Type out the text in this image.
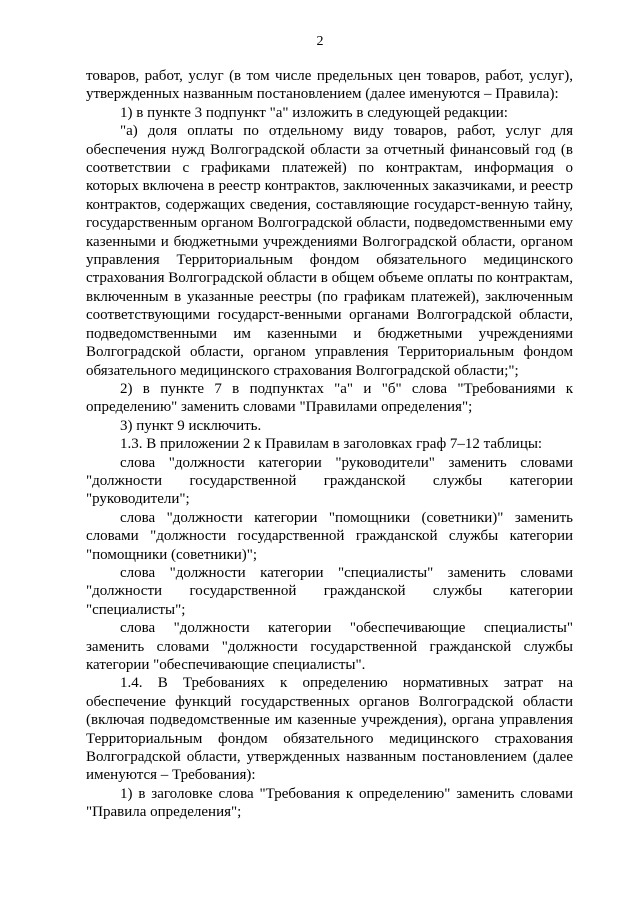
2

товаров, работ, услуг (в том числе предельных цен товаров, работ, услуг), утвержденных названным постановлением (далее именуются – Правила):

1) в пункте 3 подпункт "а" изложить в следующей редакции:

"а) доля оплаты по отдельному виду товаров, работ, услуг для обеспечения нужд Волгоградской области за отчетный финансовый год (в соответствии с графиками платежей) по контрактам, информация о которых включена в реестр контрактов, заключенных заказчиками, и реестр контрактов, содержащих сведения, составляющие государст-венную тайну, государственным органом Волгоградской области, подведомственными ему казенными и бюджетными учреждениями Волгоградской области, органом управления Территориальным фондом обязательного медицинского страхования Волгоградской области в общем объеме оплаты по контрактам, включенным в указанные реестры (по графикам платежей), заключенным соответствующими государст-венными органами Волгоградской области, подведомственными им казенными и бюджетными учреждениями Волгоградской области, органом управления Территориальным фондом обязательного медицинского страхования Волгоградской области;";

2) в пункте 7 в подпунктах "а" и "б" слова "Требованиями к определению" заменить словами "Правилами определения";

3) пункт 9 исключить.

1.3. В приложении 2 к Правилам в заголовках граф 7–12 таблицы:

слова "должности категории "руководители" заменить словами "должности государственной гражданской службы категории "руководители";

слова "должности категории "помощники (советники)" заменить словами "должности государственной гражданской службы категории "помощники (советники)";

слова "должности категории "специалисты" заменить словами "должности государственной гражданской службы категории "специалисты";

слова "должности категории "обеспечивающие специалисты" заменить словами "должности государственной гражданской службы категории "обеспечивающие специалисты".

1.4. В Требованиях к определению нормативных затрат на обеспечение функций государственных органов Волгоградской области (включая подведомственные им казенные учреждения), органа управления Территориальным фондом обязательного медицинского страхования Волгоградской области, утвержденных названным постановлением (далее именуются – Требования):

1) в заголовке слова "Требования к определению" заменить словами "Правила определения";
